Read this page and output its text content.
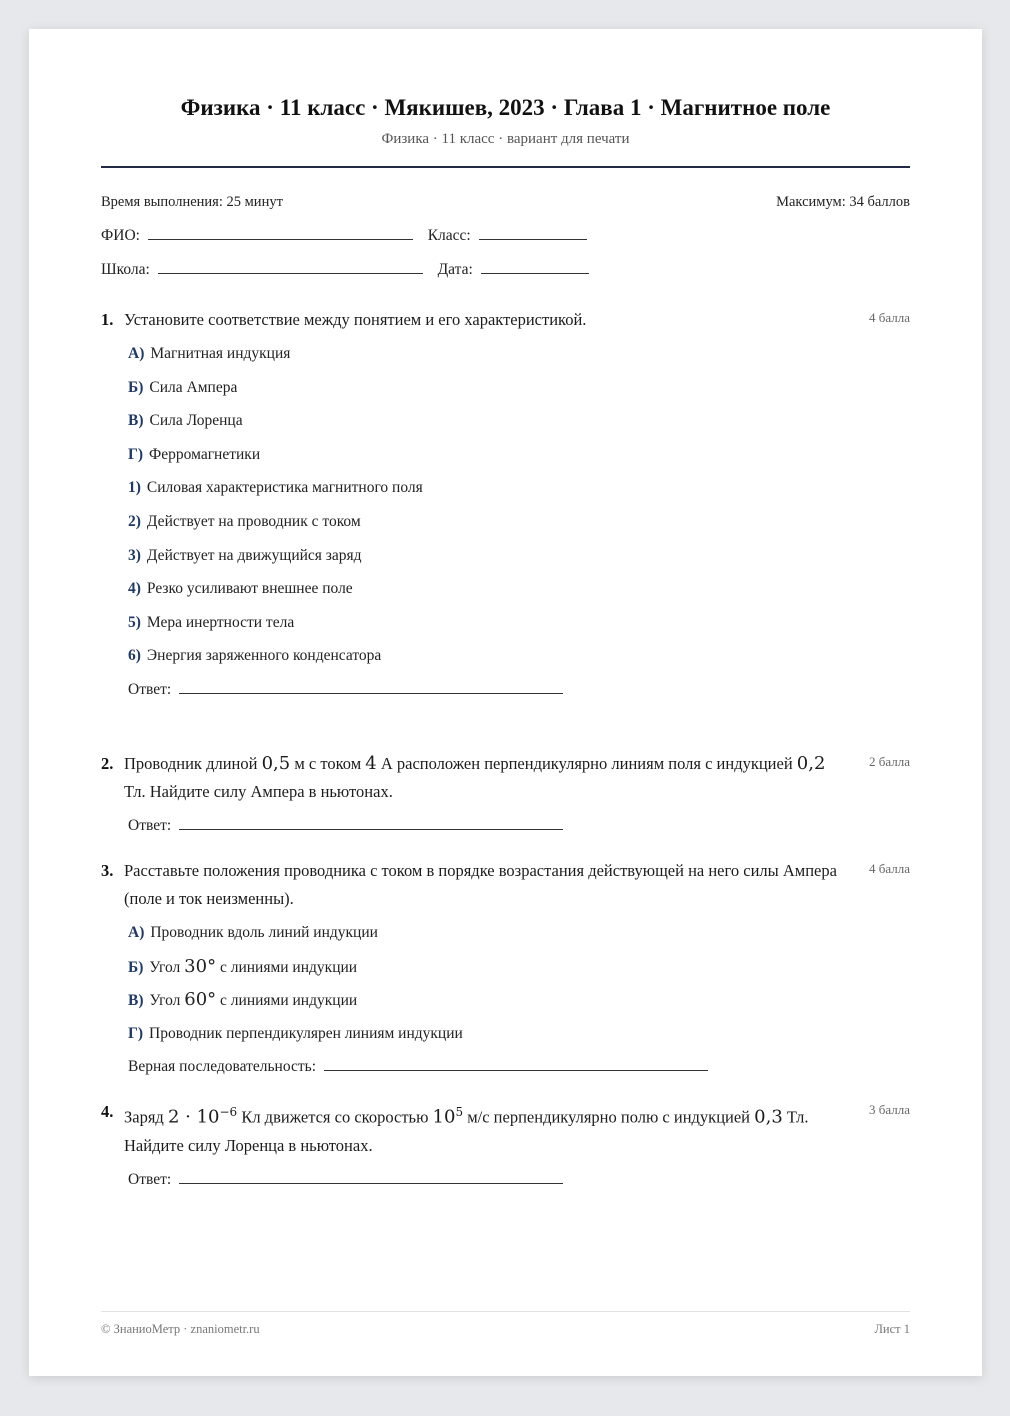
Физика · 11 класс · Мякишев, 2023 · Глава 1 · Магнитное поле
Физика · 11 класс · вариант для печати
Время выполнения: 25 минут	Максимум: 34 баллов
ФИО:	Класс:
Школа:	Дата:
1. Установите соответствие между понятием и его характеристикой.	4 балла
А) Магнитная индукция
Б) Сила Ампера
В) Сила Лоренца
Г) Ферромагнетики
1) Силовая характеристика магнитного поля
2) Действует на проводник с током
3) Действует на движущийся заряд
4) Резко усиливают внешнее поле
5) Мера инертности тела
6) Энергия заряженного конденсатора
Ответ:
2. Проводник длиной 0,5 м с током 4 А расположен перпендикулярно линиям поля с индукцией 0,2 Тл. Найдите силу Ампера в ньютонах.
2 балла
Ответ:
3. Расставьте положения проводника с током в порядке возрастания действующей на него силы Ампера (поле и ток неизменны).
4 балла
А) Проводник вдоль линий индукции
Б) Угол 30° с линиями индукции
В) Угол 60° с линиями индукции
Г) Проводник перпендикулярен линиям индукции
Верная последовательность:
4. Заряд $2 \cdot 10^{-6}$ Кл движется со скоростью $10^5$ м/с перпендикулярно полю с индукцией 0,3 Тл. Найдите силу Лоренца в ньютонах.
3 балла
Ответ:
© ЗнаниоМетр · znaniometr.ru	Лист 1
